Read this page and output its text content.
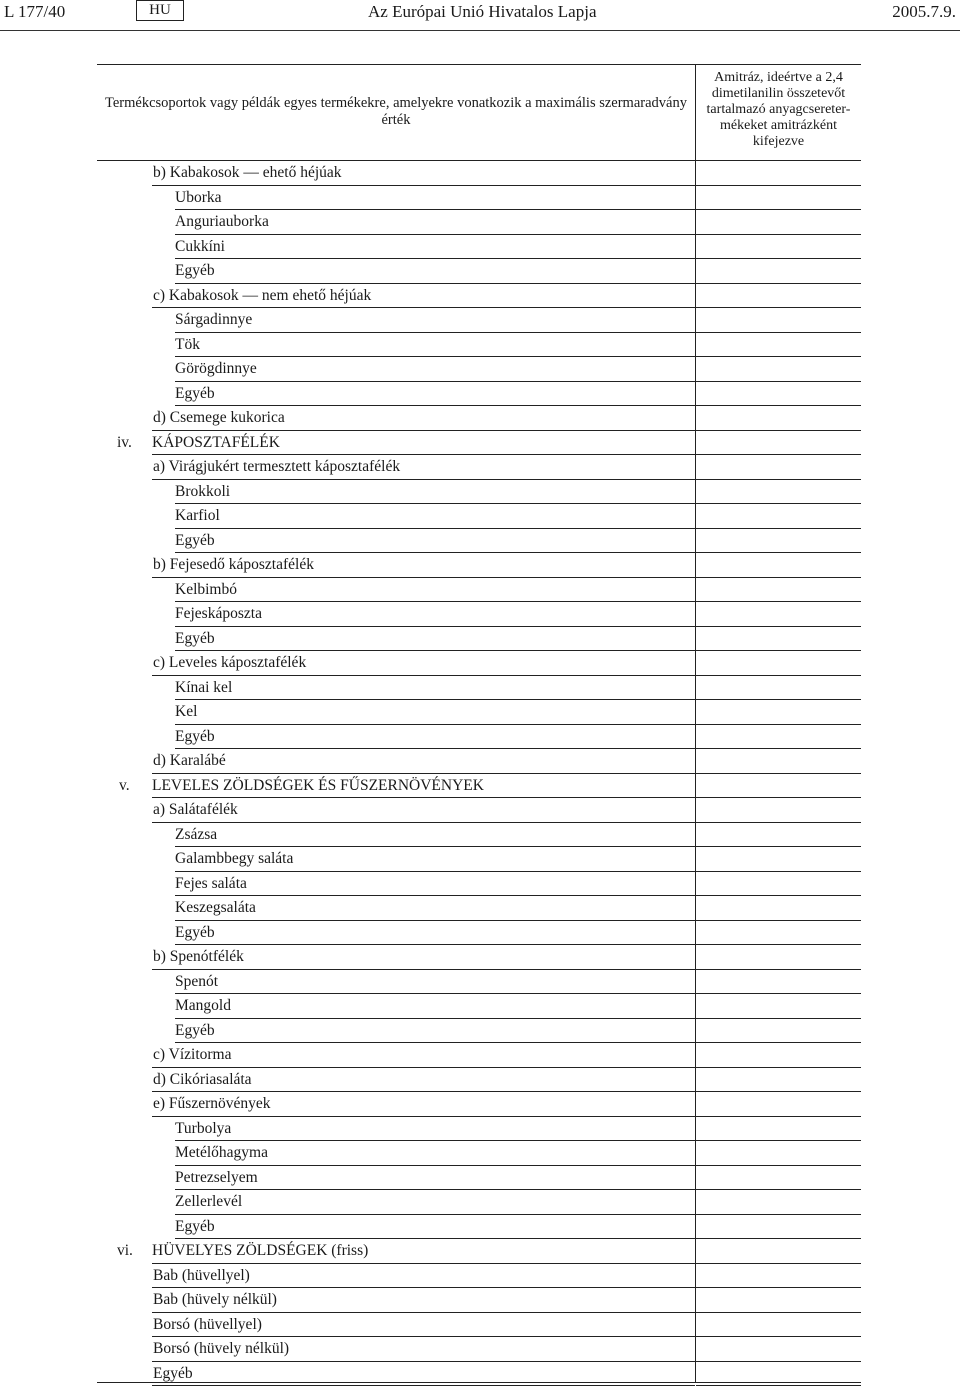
L 177/40	HU	Az Európai Unió Hivatalos Lapja	2005.7.9.
Termékcsoportok vagy példák egyes termékekre, amelyekre vonatkozik a maximális szermaradvány érték
Amitráz, ideértve a 2,4 dimetilanilin összetevőt tartalmazó anyagcsereter- mékeket amitrázként kifejezve
b) Kabakosok — ehető héjúak
Uborka
Anguriauborka
Cukkíni
Egyéb
c) Kabakosok — nem ehető héjúak
Sárgadinnye
Tök
Görögdinnye
Egyéb
d) Csemege kukorica
iv. KÁPOSZTAFÉLÉK
a) Virágjukért termesztett káposztafélék
Brokkoli
Karfiol
Egyéb
b) Fejesedő káposztafélék
Kelbimbó
Fejeskáposzta
Egyéb
c) Leveles káposztafélék
Kínai kel
Kel
Egyéb
d) Karalábé
v. LEVELES ZÖLDSÉGEK ÉS FŰSZERNÖVÉNYEK
a) Salátafélék
Zsázsa
Galambbegy saláta
Fejes saláta
Keszegsaláta
Egyéb
b) Spenótfélék
Spenót
Mangold
Egyéb
c) Vízitorma
d) Cikóriasaláta
e) Fűszernövények
Turbolya
Metélőhagyma
Petrezselyem
Zellerlevél
Egyéb
vi. HÜVELYES ZÖLDSÉGEK (friss)
Bab (hüvellyel)
Bab (hüvely nélkül)
Borsó (hüvellyel)
Borsó (hüvely nélkül)
Egyéb
